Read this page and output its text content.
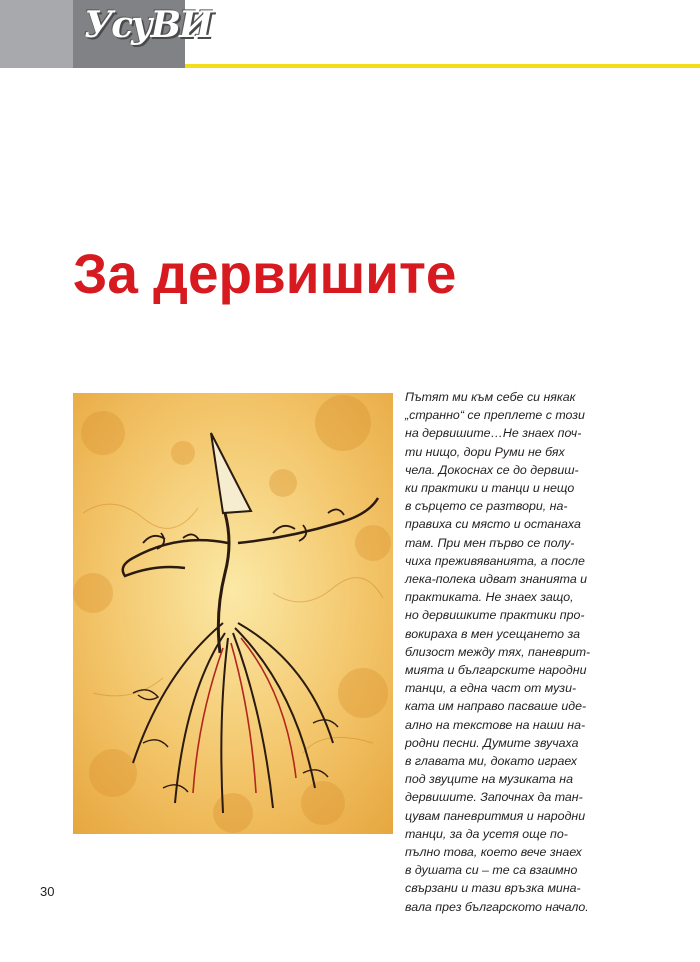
УсуВИ
За дервишите
Пътят ми към себе си някак
„странно“ се преплете с този
на дервишите…Не знаех поч-
ти нищо, дори Руми не бях
чела. Докоснах се до дервиш-
ки практики и танци и нещо
в сърцето се разтвори, на-
правиха си място и останаха
там. При мен първо се полу-
чиха преживяванията, а после
лека-полека идват знанията и
практиката. Не знаех защо,
но дервишките практики про-
вокираха в мен усещането за
близост между тях, паневрит-
мията и българските народни
танци, а една част от музи-
ката им направо пасваше иде-
ално на текстове на наши на-
родни песни. Думите звучаха
в главата ми, докато играех
под звуците на музиката на
дервишите. Започнах да тан-
цувам паневритмия и народни
танци, за да усетя още по-
пълно това, което вече знаех
в душата си – те са взаимно
свързани и тази връзка мина-
вала през българското начало.
30
